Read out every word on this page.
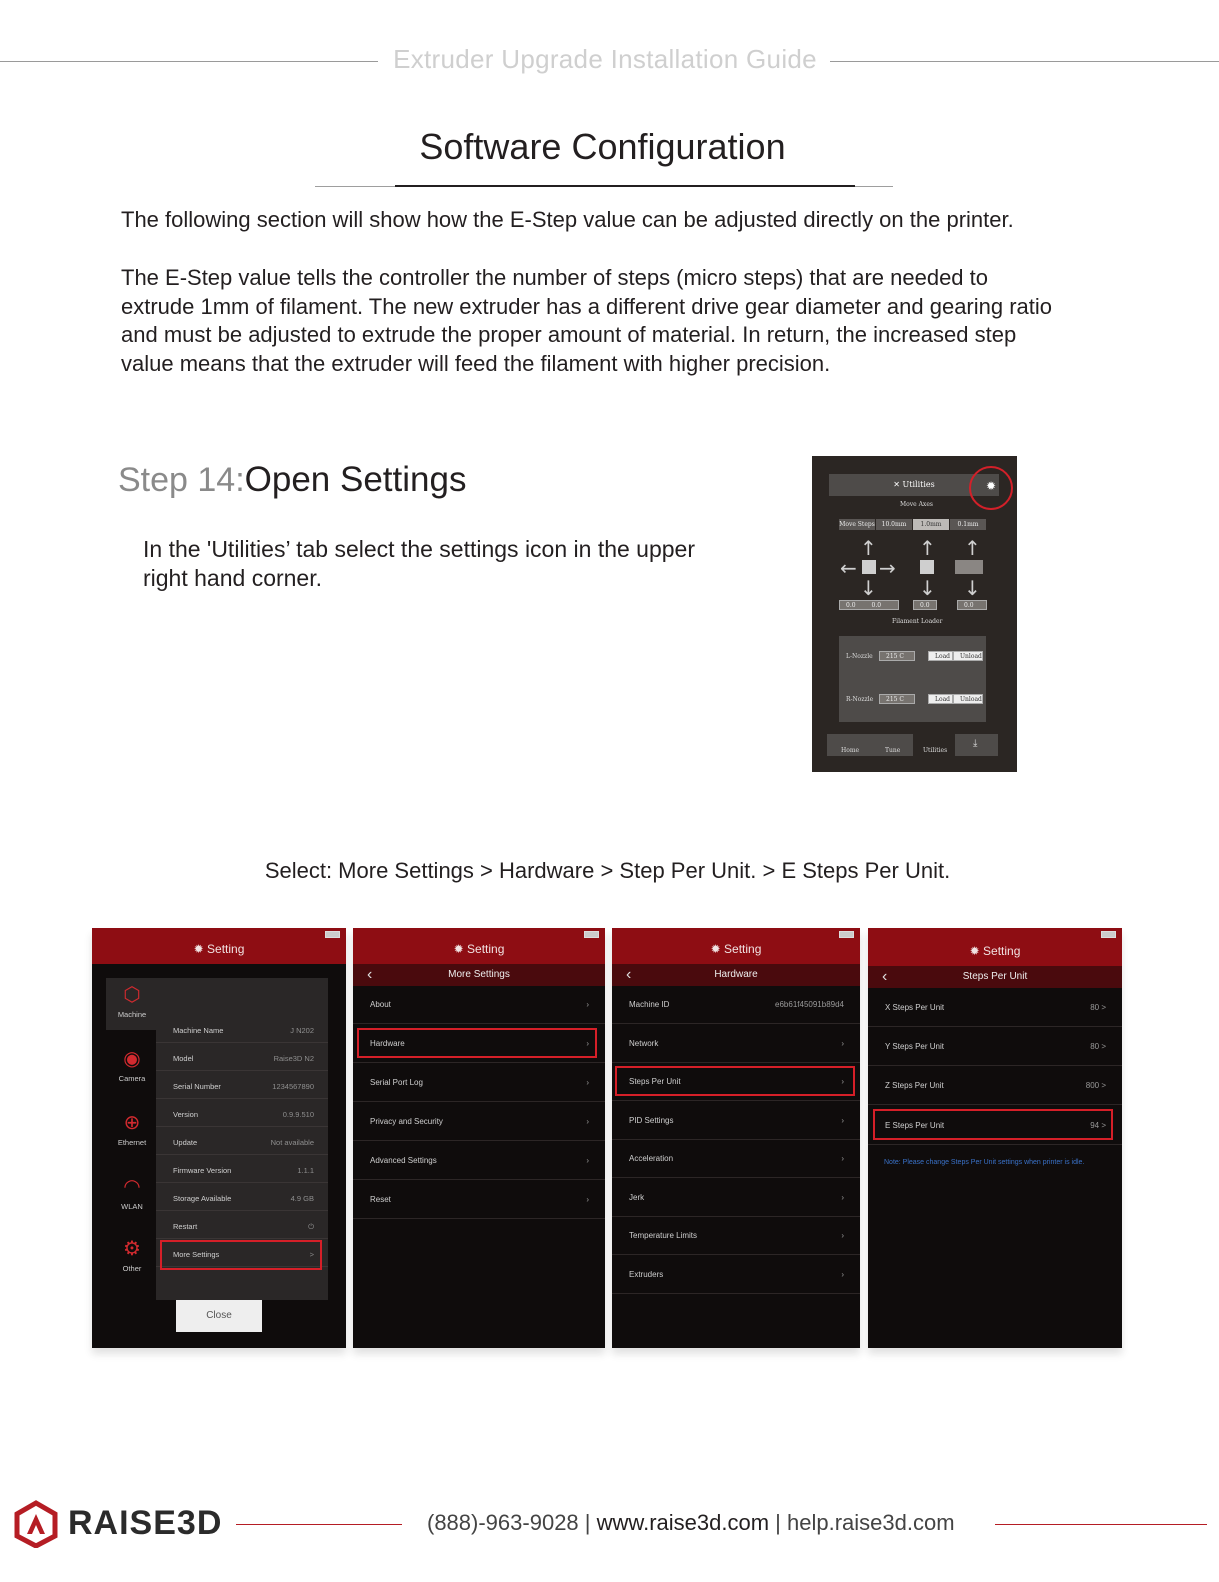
Extruder Upgrade Installation Guide
Software Configuration

The following section will show how the E-Step value can be adjusted directly on the printer.

The E-Step value tells the controller the number of steps (micro steps) that are needed to extrude 1mm of filament. The new extruder has a different drive gear diameter and gearing ratio and must be adjusted to extrude the proper amount of material. In return, the increased step value means that the extruder will feed the filament with higher precision.

Step 14:Open Settings

In the 'Utilities’ tab select the settings icon in the upper right hand corner.

✕ Utilities	✹
Move Axes
Move Steps	10.0mm	1.0mm	0.1mm
↑
← →
↓
↑
↓
↑
↓
0.0	0.0	0.0	0.0
Filament Loader
L-Nozzle	215 C	Load	Unload
R-Nozzle	215 C	Load	Unload
Home	Tune	Utilities
⤓
Select: More Settings > Hardware > Step Per Unit. > E Steps Per Unit.
✹ Setting
⬡
Machine
◉
Camera
⊕
Ethernet
◠
WLAN
⚙
Other
Machine Name	J N202
Model	Raise3D N2
Serial Number	1234567890
Version	0.9.9.510
Update	Not available
Firmware Version	1.1.1
Storage Available	4.9 GB
Restart	⏻
More Settings	>
Close
✹ Setting
More Settings
‹
About	›
Hardware	›
Serial Port Log	›
Privacy and Security	›
Advanced Settings	›
Reset	›
✹ Setting
Hardware
‹
Machine ID	e6b61f45091b89d4
Network	›
Steps Per Unit	›
PID Settings	›
Acceleration	›
Jerk	›
Temperature Limits	›
Extruders	›
✹ Setting
Steps Per Unit
‹
X Steps Per Unit	80 >
Y Steps Per Unit	80 >
Z Steps Per Unit	800 >
E Steps Per Unit	94 >
Note: Please change Steps Per Unit settings when printer is idle.
RAISE3D	(888)-963-9028 | www.raise3d.com | help.raise3d.com
